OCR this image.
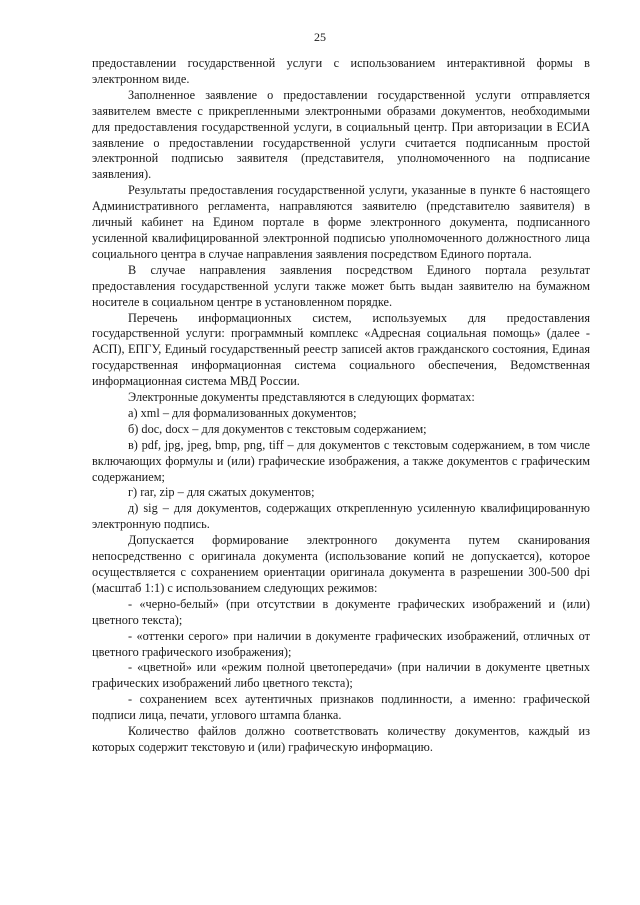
25

предоставлении государственной услуги с использованием интерактивной формы в электронном виде.

Заполненное заявление о предоставлении государственной услуги отправляется заявителем вместе с прикрепленными электронными образами документов, необходимыми для предоставления государственной услуги, в социальный центр. При авторизации в ЕСИА заявление о предоставлении государственной услуги считается подписанным простой электронной подписью заявителя (представителя, уполномоченного на подписание заявления).

Результаты предоставления государственной услуги, указанные в пункте 6 настоящего Административного регламента, направляются заявителю (представителю заявителя) в личный кабинет на Едином портале в форме электронного документа, подписанного усиленной квалифицированной электронной подписью уполномоченного должностного лица социального центра в случае направления заявления посредством Единого портала.

В случае направления заявления посредством Единого портала результат предоставления государственной услуги также может быть выдан заявителю на бумажном носителе в социальном центре в установленном порядке.

Перечень информационных систем, используемых для предоставления государственной услуги: программный комплекс «Адресная социальная помощь» (далее - АСП), ЕПГУ, Единый государственный реестр записей актов гражданского состояния, Единая государственная информационная система социального обеспечения, Ведомственная информационная система МВД России.

Электронные документы представляются в следующих форматах:

а) xml – для формализованных документов;

б) doc, docx – для документов с текстовым содержанием;

в) pdf, jpg, jpeg, bmp, png, tiff – для документов с текстовым содержанием, в том числе включающих формулы и (или) графические изображения, а также документов с графическим содержанием;

г) rar, zip – для сжатых документов;

д) sig – для документов, содержащих открепленную усиленную квалифицированную электронную подпись.

Допускается формирование электронного документа путем сканирования непосредственно с оригинала документа (использование копий не допускается), которое осуществляется с сохранением ориентации оригинала документа в разрешении 300-500 dpi (масштаб 1:1) с использованием следующих режимов:

- «черно-белый» (при отсутствии в документе графических изображений и (или) цветного текста);

- «оттенки серого» при наличии в документе графических изображений, отличных от цветного графического изображения);

- «цветной» или «режим полной цветопередачи» (при наличии в документе цветных графических изображений либо цветного текста);

- сохранением всех аутентичных признаков подлинности, а именно: графической подписи лица, печати, углового штампа бланка.

Количество файлов должно соответствовать количеству документов, каждый из которых содержит текстовую и (или) графическую информацию.
